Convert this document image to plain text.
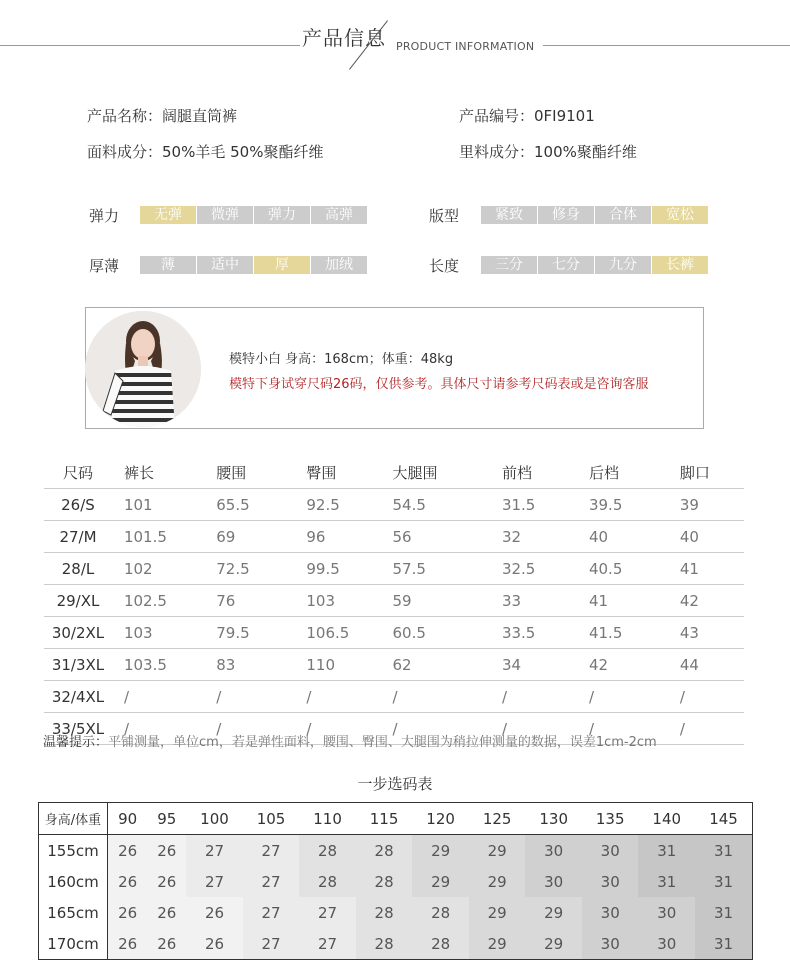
产品信息 PRODUCT INFORMATION
产品名称：阔腿直筒裤	产品编号：0FI9101
面料成分：50%羊毛 50%聚酯纤维	里料成分：100%聚酯纤维
弹力	无弹	微弹	弹力	高弹	版型	紧致	修身	合体	宽松
厚薄	薄	适中	厚	加绒	长度	三分	七分	九分	长裤
模特小白 身高：168cm；体重：48kg
模特下身试穿尺码26码，仅供参考。具体尺寸请参考尺码表或是咨询客服
尺码	裤长	腰围	臀围	大腿围	前档	后档	脚口
26/S	101	65.5	92.5	54.5	31.5	39.5	39
27/M	101.5	69	96	56	32	40	40
28/L	102	72.5	99.5	57.5	32.5	40.5	41
29/XL	102.5	76	103	59	33	41	42
30/2XL	103	79.5	106.5	60.5	33.5	41.5	43
31/3XL	103.5	83	110	62	34	42	44
32/4XL	/	/	/	/	/	/	/
33/5XL	/	/	/	/	/	/	/
温馨提示：平铺测量，单位cm，若是弹性面料，腰围、臀围、大腿围为稍拉伸测量的数据，误差1cm-2cm
一步选码表
身高/体重	90	95	100	105	110	115	120	125	130	135	140	145
155cm	26	26	27	27	28	28	29	29	30	30	31	31
160cm	26	26	27	27	28	28	29	29	30	30	31	31
165cm	26	26	26	27	27	28	28	29	29	30	30	31
170cm	26	26	26	27	27	28	28	29	29	30	30	31
